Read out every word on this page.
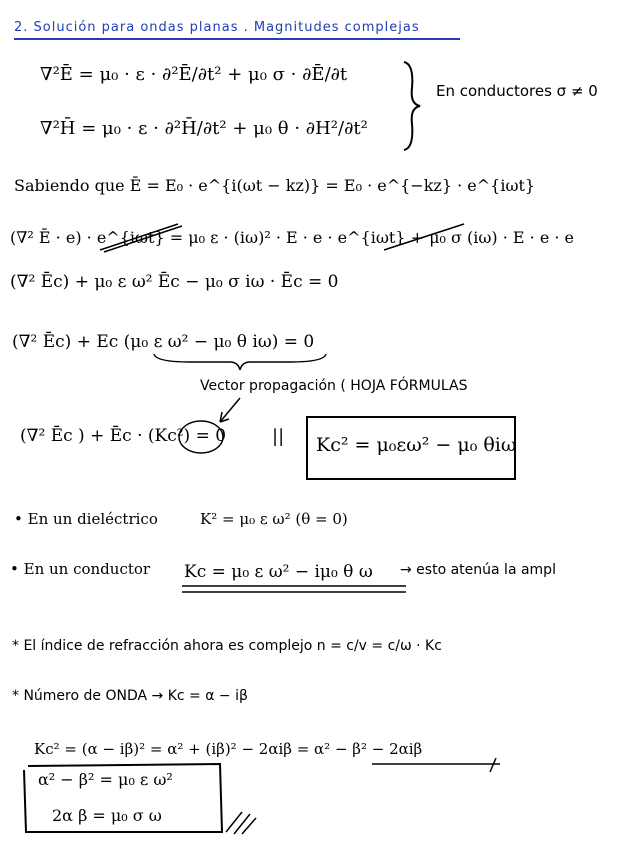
2. Solución para ondas planas . Magnitudes complejas
∇²Ē = μ₀ · ε · ∂²Ē/∂t² + μ₀ σ · ∂Ē/∂t
∇²H̄ = μ₀ · ε · ∂²H̄/∂t² + μ₀ θ · ∂H²/∂t²
En conductores σ ≠ 0
Sabiendo que Ē = E₀ · e^{i(ωt − kz)} = E₀ · e^{−kz} · e^{iωt}
(∇² Ē · e) · e^{iωt} = μ₀ ε · (iω)² · E · e · e^{iωt} + μ₀ σ (iω) · E · e · e
(∇² Ēc) + μ₀ ε ω² Ēc − μ₀ σ iω · Ēc = 0
(∇² Ēc) + Ec (μ₀ ε ω² − μ₀ θ iω) = 0
Vector propagación ( HOJA FÓRMULAS
(∇² Ēc ) + Ēc · (Kc²) = 0	|| Kc² = μ₀εω² − μ₀ θiω
• En un dieléctrico	K² = μ₀ ε ω² (θ = 0)
• En un conductor Kc = μ₀ ε ω² − iμ₀ θ ω → esto atenúa la ampl
* El índice de refracción ahora es complejo n = c/v = c/ω · Kc
* Número de ONDA → Kc = α − iβ
Kc² = (α − iβ)² = α² + (iβ)² − 2αiβ = α² − β² − 2αiβ
α² − β² = μ₀ ε ω²
2α β = μ₀ σ ω
